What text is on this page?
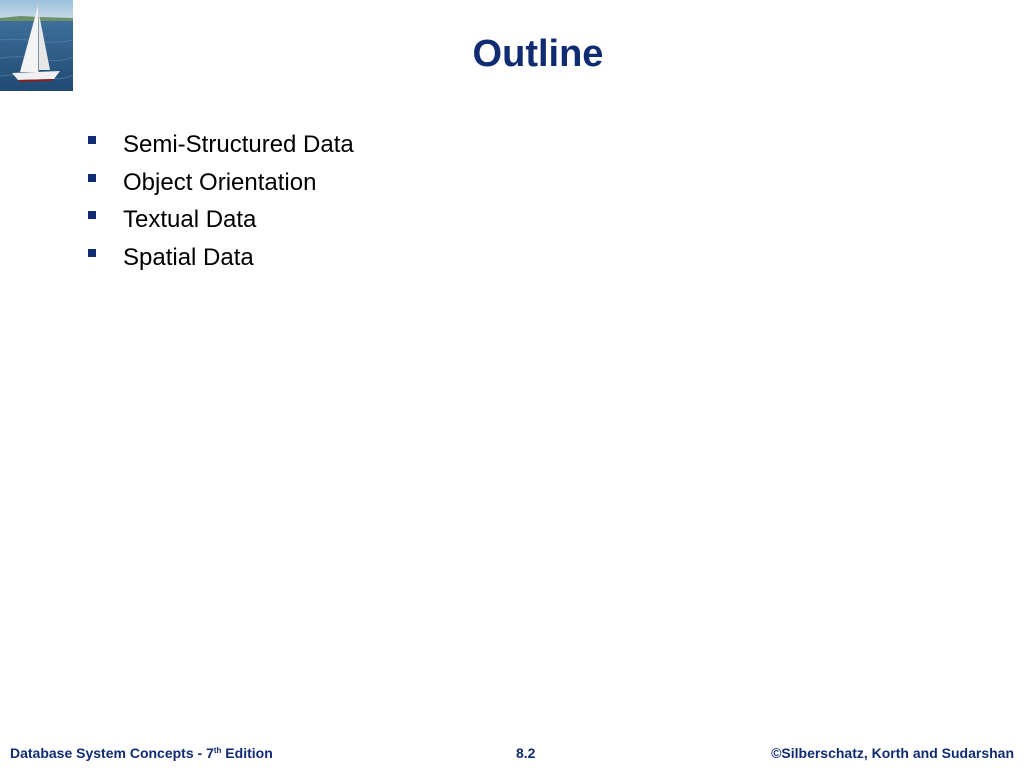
Outline
Semi-Structured Data
Object Orientation
Textual Data
Spatial Data
Database System Concepts - 7th Edition	8.2	©Silberschatz, Korth and Sudarshan
